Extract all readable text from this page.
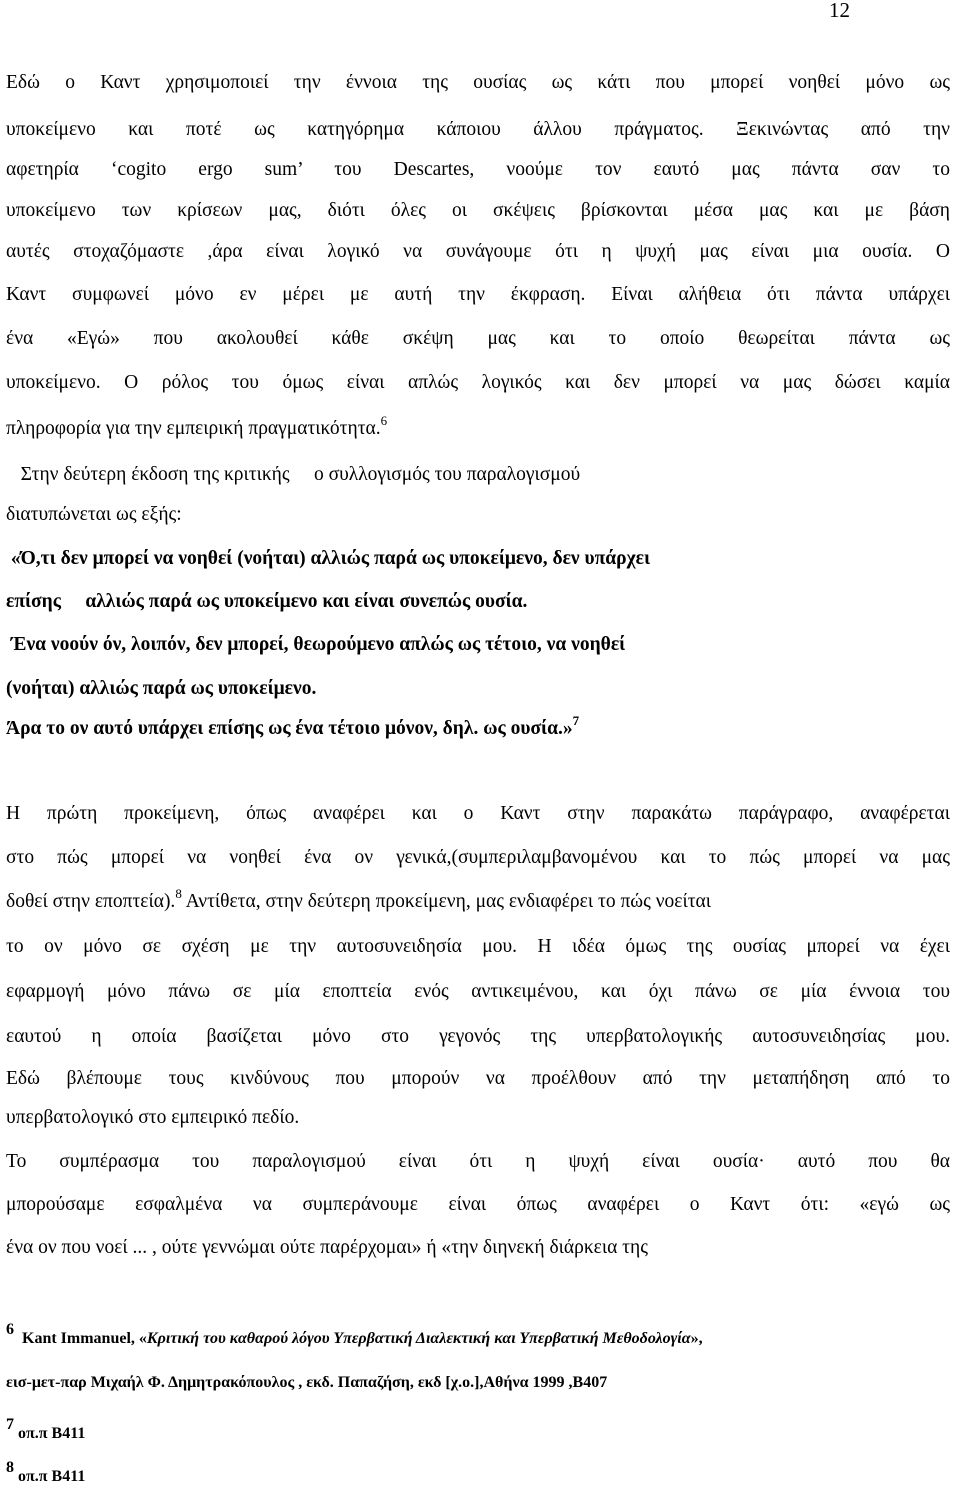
12
Εδώ ο Καντ χρησιμοποιεί την έννοια της ουσίας ως κάτι που μπορεί νοηθεί μόνο ως
υποκείμενο και ποτέ ως κατηγόρημα κάποιου άλλου πράγματος. Ξεκινώντας από την
αφετηρία ‘cogito ergo sum’ του Descartes, νοούμε τον εαυτό μας πάντα σαν το
υποκείμενο των κρίσεων μας, διότι όλες οι σκέψεις βρίσκονται μέσα μας και με βάση
αυτές στοχαζόμαστε ,άρα είναι λογικό να συνάγουμε ότι η ψυχή μας είναι μια ουσία. Ο
Καντ συμφωνεί μόνο εν μέρει με αυτή την έκφραση. Είναι αλήθεια ότι πάντα υπάρχει
ένα «Εγώ» που ακολουθεί κάθε σκέψη μας και το οποίο θεωρείται πάντα ως
υποκείμενο. Ο ρόλος του όμως είναι απλώς λογικός και δεν μπορεί να μας δώσει καμία
πληροφορία για την εμπειρική πραγματικότητα.$^6$
Στην δεύτερη έκδοση της κριτικής     ο συλλογισμός του παραλογισμού
διατυπώνεται ως εξής:
«Ό,τι δεν μπορεί να νοηθεί (νοήται) αλλιώς παρά ως υποκείμενο, δεν υπάρχει
επίσης     αλλιώς παρά ως υποκείμενο και είναι συνεπώς ουσία.
Ένα νοούν όν, λοιπόν, δεν μπορεί, θεωρούμενο απλώς ως τέτοιο, να νοηθεί
(νοήται) αλλιώς παρά ως υποκείμενο.
Άρα το ον αυτό υπάρχει επίσης ως ένα τέτοιο μόνον, δηλ. ως ουσία.»$^7$
Η πρώτη προκείμενη, όπως αναφέρει και ο Καντ στην παρακάτω παράγραφο, αναφέρεται
στο πώς μπορεί να νοηθεί ένα ον γενικά,(συμπεριλαμβανομένου και το πώς μπορεί να μας
δοθεί στην εποπτεία).$^8$ Αντίθετα, στην δεύτερη προκείμενη, μας ενδιαφέρει το πώς νοείται
το ον μόνο σε σχέση με την αυτοσυνειδησία μου. Η ιδέα όμως της ουσίας μπορεί να έχει
εφαρμογή μόνο πάνω σε μία εποπτεία ενός αντικειμένου, και όχι πάνω σε μία έννοια του
εαυτού η οποία βασίζεται μόνο στο γεγονός της υπερβατολογικής αυτοσυνειδησίας μου.
Εδώ βλέπουμε τους κινδύνους που μπορούν να προέλθουν από την μεταπήδηση από το
υπερβατολογικό στο εμπειρικό πεδίο.
Το συμπέρασμα του παραλογισμού είναι ότι η ψυχή είναι ουσία· αυτό που θα
μπορούσαμε εσφαλμένα να συμπεράνουμε είναι όπως αναφέρει ο Καντ ότι: «εγώ ως
ένα ον που νοεί ... , ούτε γεννώμαι ούτε παρέρχομαι» ή «την διηνεκή διάρκεια της
$^6$Kant Immanuel, «Κριτική του καθαρού λόγου Υπερβατική Διαλεκτική και Υπερβατική Μεθοδολογία»,
εισ-μετ-παρ Μιχαήλ Φ. Δημητρακόπουλος , εκδ. Παπαζήση, εκδ [χ.ο.],Αθήνα 1999 ,Β407
$^7$οπ.π Β411
$^8$οπ.π Β411
